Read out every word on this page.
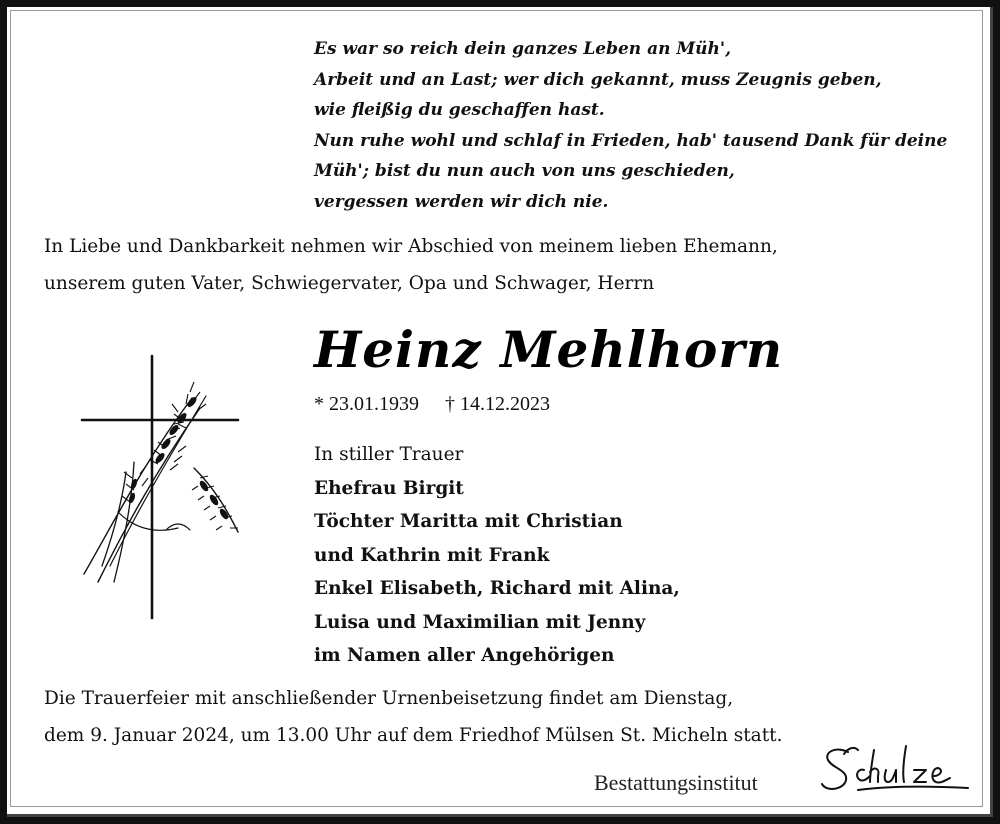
Es war so reich dein ganzes Leben an Müh',
Arbeit und an Last; wer dich gekannt, muss Zeugnis geben,
wie fleißig du geschaffen hast.
Nun ruhe wohl und schlaf in Frieden, hab' tausend Dank für deine
Müh'; bist du nun auch von uns geschieden,
vergessen werden wir dich nie.
In Liebe und Dankbarkeit nehmen wir Abschied von meinem lieben Ehemann,
unserem guten Vater, Schwiegervater, Opa und Schwager, Herrn
Heinz Mehlhorn
* 23.01.1939 † 14.12.2023
In stiller Trauer
Ehefrau Birgit
Töchter Maritta mit Christian
und Kathrin mit Frank
Enkel Elisabeth, Richard mit Alina,
Luisa und Maximilian mit Jenny
im Namen aller Angehörigen
Die Trauerfeier mit anschließender Urnenbeisetzung findet am Dienstag,
dem 9. Januar 2024, um 13.00 Uhr auf dem Friedhof Mülsen St. Micheln statt.
Bestattungsinstitut
